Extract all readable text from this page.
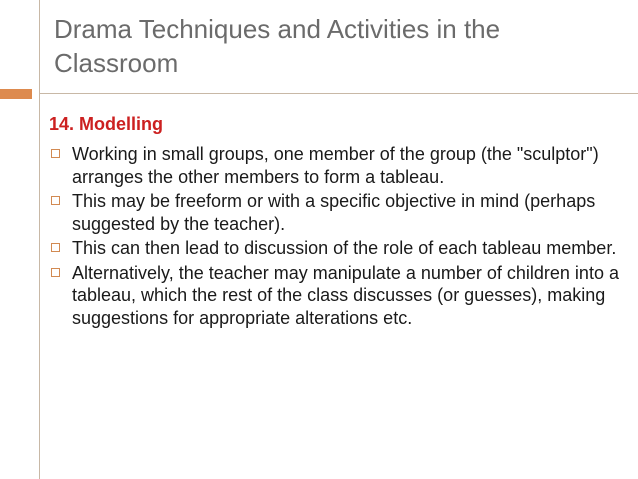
Drama Techniques and Activities in the Classroom

14. Modelling

Working in small groups, one member of the group (the "sculptor") arranges the other members to form a tableau.
This may be freeform or with a specific objective in mind (perhaps suggested by the teacher).
This can then lead to discussion of the role of each tableau member.
Alternatively, the teacher may manipulate a number of children into a tableau, which the rest of the class discusses (or guesses), making suggestions for appropriate alterations etc.
